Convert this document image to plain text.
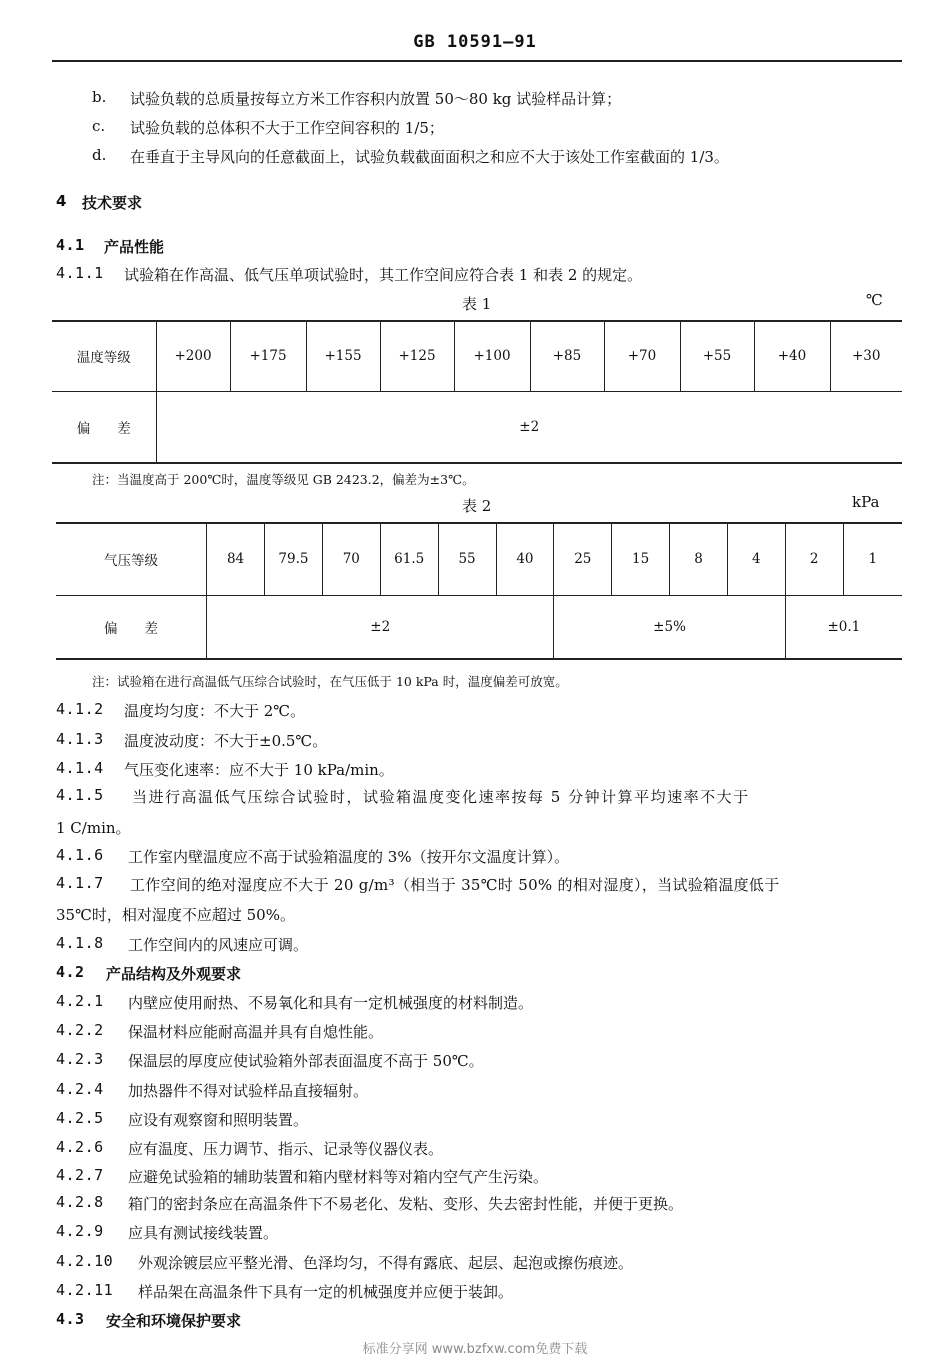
GB 10591—91
b. 试验负载的总质量按每立方米工作容积内放置 50～80 kg 试验样品计算；
c. 试验负载的总体积不大于工作空间容积的 1/5；
d. 在垂直于主导风向的任意截面上，试验负载截面面积之和应不大于该处工作室截面的 1/3。
4 技术要求
4.1 产品性能
4.1.1 试验箱在作高温、低气压单项试验时，其工作空间应符合表 1 和表 2 的规定。
表 1	℃
温度等级	+200	+175	+155	+125	+100	+85	+70	+55	+40	+30
偏　　差	±2									
注：当温度高于 200℃时，温度等级见 GB 2423.2，偏差为±3℃。
表 2	kPa
气压等级	84	79.5	70	61.5	55	40	25	15	8	4	2	1
偏　　差	±2						±5%				±0.1	
注：试验箱在进行高温低气压综合试验时，在气压低于 10 kPa 时，温度偏差可放宽。
4.1.2 温度均匀度：不大于 2℃。
4.1.3 温度波动度：不大于±0.5℃。
4.1.4 气压变化速率：应不大于 10 kPa/min。
4.1.5 当进行高温低气压综合试验时，试验箱温度变化速率按每 5 分钟计算平均速率不大于
1 C/min。
4.1.6 工作室内壁温度应不高于试验箱温度的 3%（按开尔文温度计算）。
4.1.7 工作空间的绝对湿度应不大于 20 g/m³（相当于 35℃时 50% 的相对湿度），当试验箱温度低于
35℃时，相对湿度不应超过 50%。
4.1.8 工作空间内的风速应可调。
4.2 产品结构及外观要求
4.2.1 内壁应使用耐热、不易氧化和具有一定机械强度的材料制造。
4.2.2 保温材料应能耐高温并具有自熄性能。
4.2.3 保温层的厚度应使试验箱外部表面温度不高于 50℃。
4.2.4 加热器件不得对试验样品直接辐射。
4.2.5 应设有观察窗和照明装置。
4.2.6 应有温度、压力调节、指示、记录等仪器仪表。
4.2.7 应避免试验箱的辅助装置和箱内壁材料等对箱内空气产生污染。
4.2.8 箱门的密封条应在高温条件下不易老化、发粘、变形、失去密封性能，并便于更换。
4.2.9 应具有测试接线装置。
4.2.10 外观涂镀层应平整光滑、色泽均匀，不得有露底、起层、起泡或擦伤痕迹。
4.2.11 样品架在高温条件下具有一定的机械强度并应便于装卸。
4.3 安全和环境保护要求
标准分享网 www.bzfxw.com免费下载
